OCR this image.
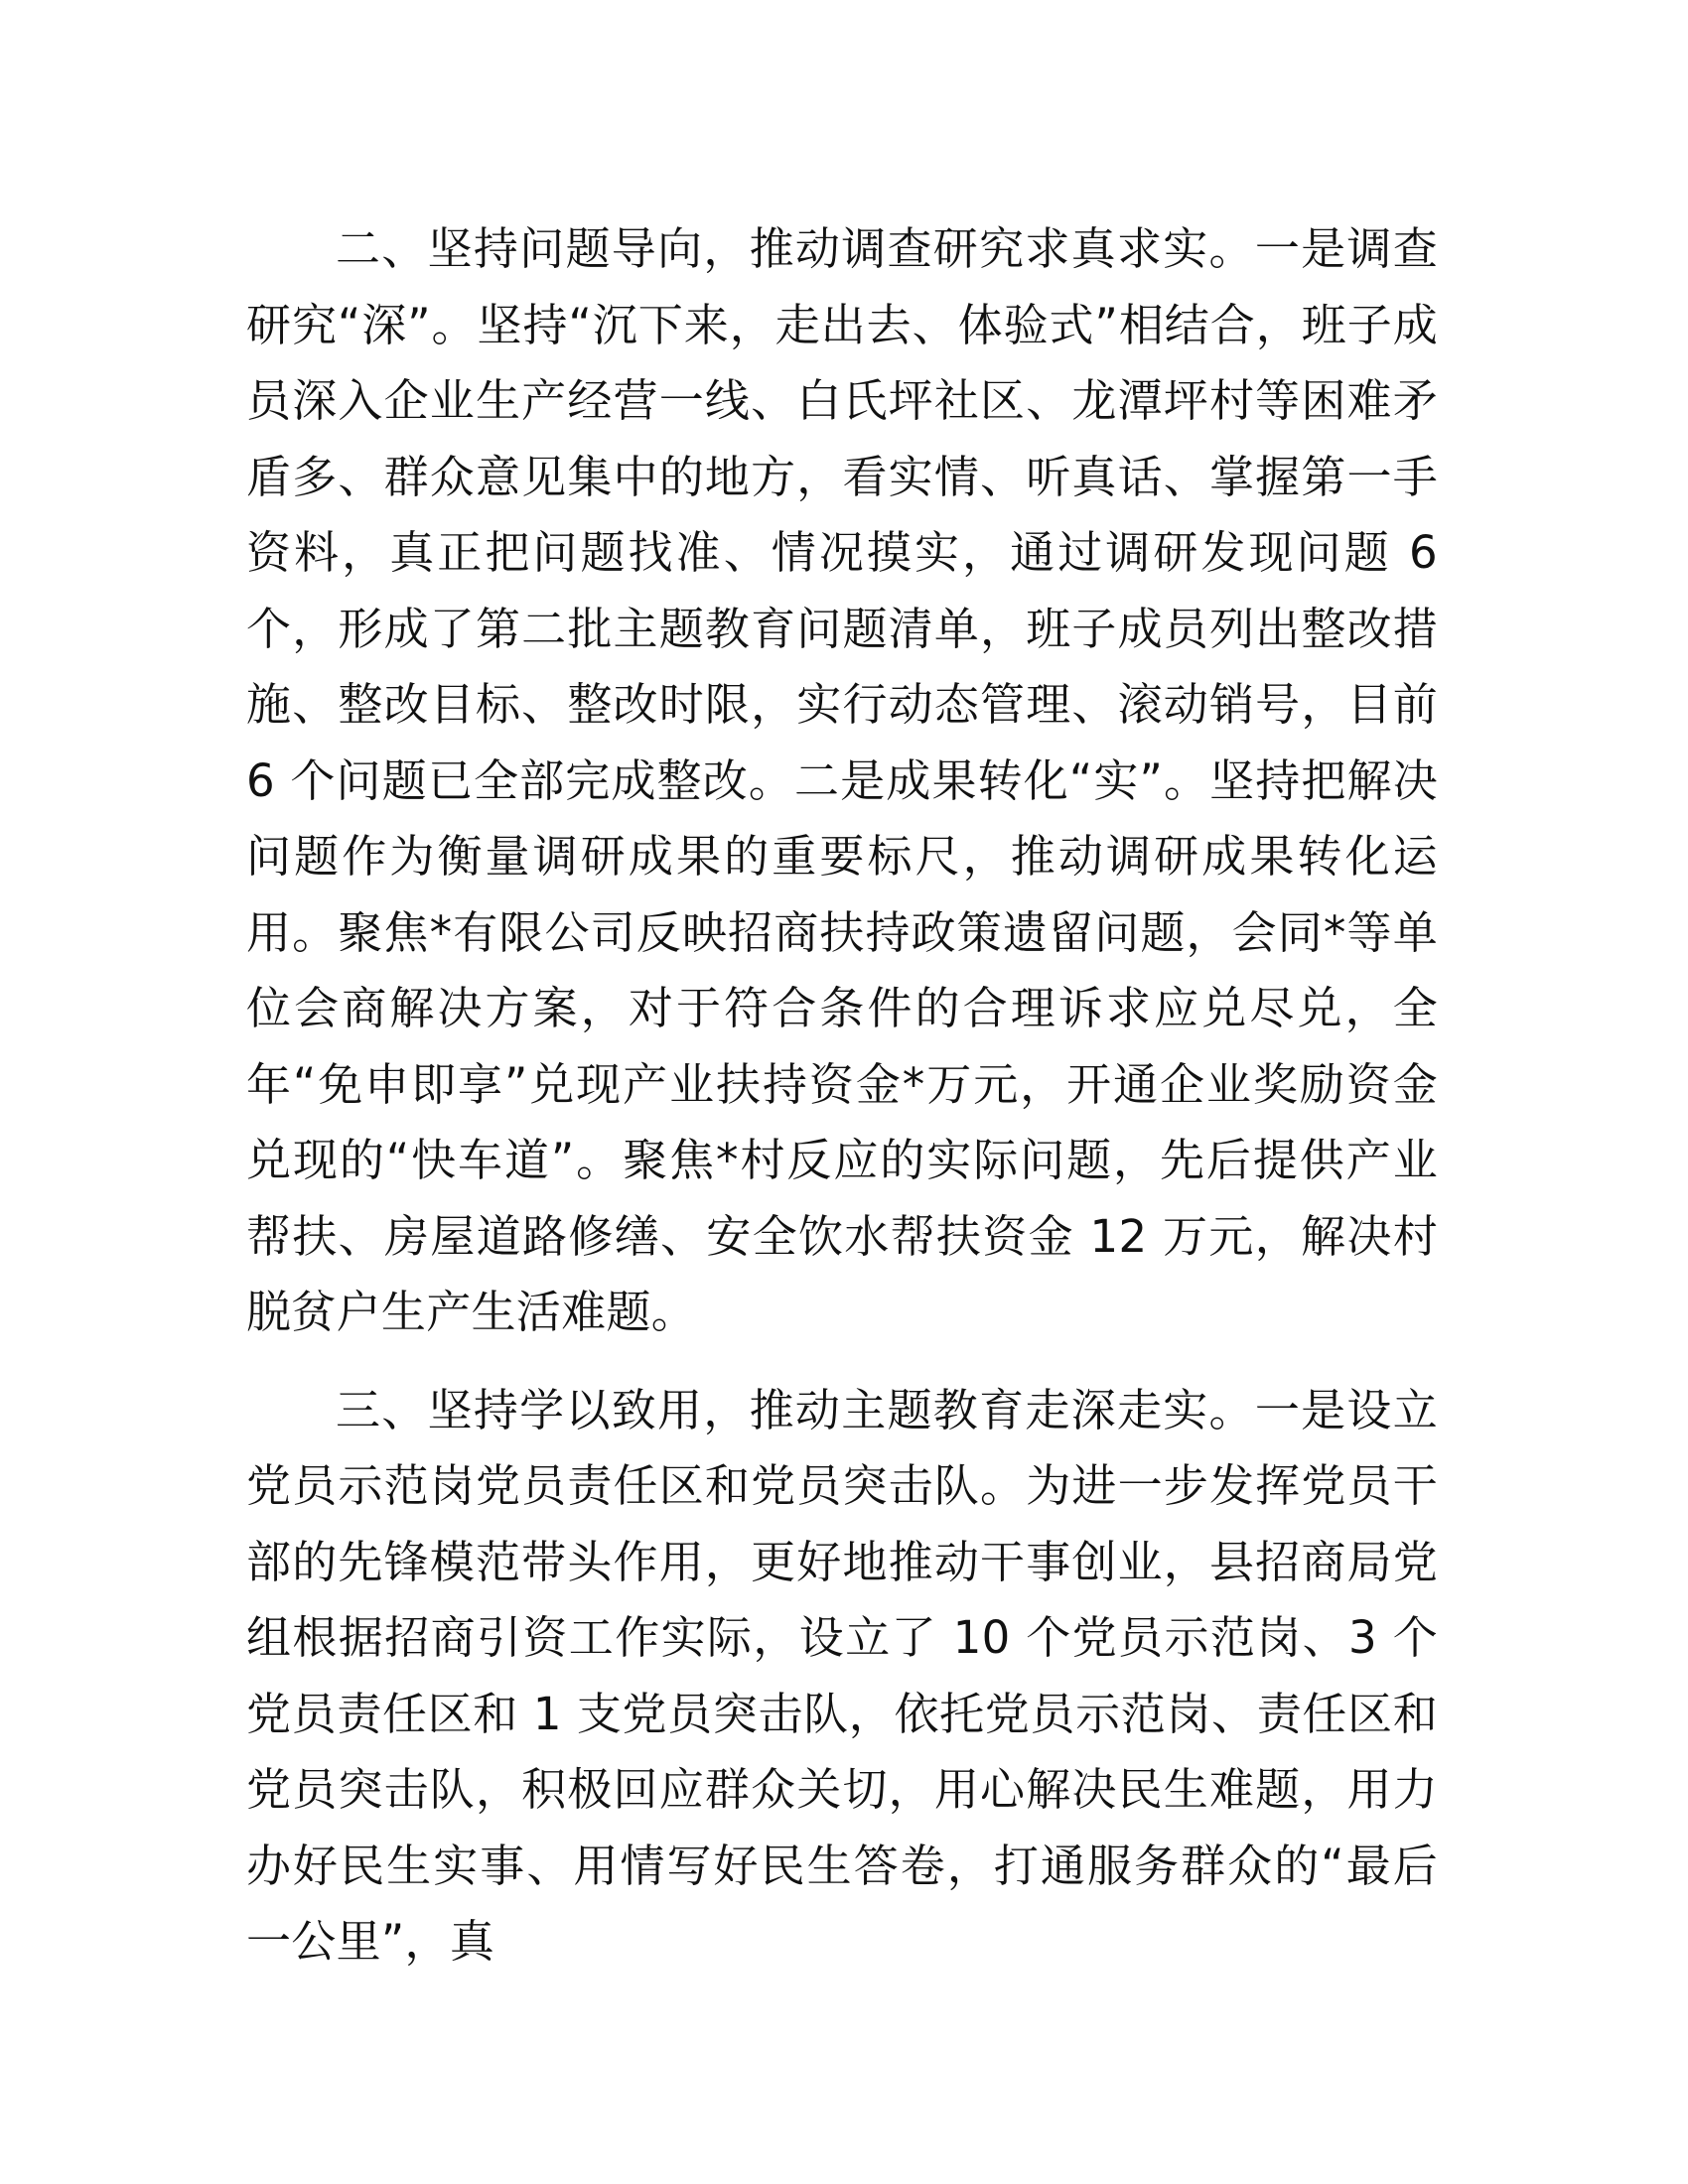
二、坚持问题导向，推动调查研究求真求实。一是调查研究“深”。坚持“沉下来，走出去、体验式”相结合，班子成员深入企业生产经营一线、白氏坪社区、龙潭坪村等困难矛盾多、群众意见集中的地方，看实情、听真话、掌握第一手资料，真正把问题找准、情况摸实，通过调研发现问题 6 个，形成了第二批主题教育问题清单，班子成员列出整改措施、整改目标、整改时限，实行动态管理、滚动销号，目前 6 个问题已全部完成整改。二是成果转化“实”。坚持把解决问题作为衡量调研成果的重要标尺，推动调研成果转化运用。聚焦*有限公司反映招商扶持政策遗留问题，会同*等单位会商解决方案，对于符合条件的合理诉求应兑尽兑，全年“免申即享”兑现产业扶持资金*万元，开通企业奖励资金兑现的“快车道”。聚焦*村反应的实际问题，先后提供产业帮扶、房屋道路修缮、安全饮水帮扶资金 12 万元，解决村脱贫户生产生活难题。

三、坚持学以致用，推动主题教育走深走实。一是设立党员示范岗党员责任区和党员突击队。为进一步发挥党员干部的先锋模范带头作用，更好地推动干事创业，县招商局党组根据招商引资工作实际，设立了 10 个党员示范岗、3 个党员责任区和 1 支党员突击队，依托党员示范岗、责任区和党员突击队，积极回应群众关切，用心解决民生难题，用力办好民生实事、用情写好民生答卷，打通服务群众的“最后一公里”，真
